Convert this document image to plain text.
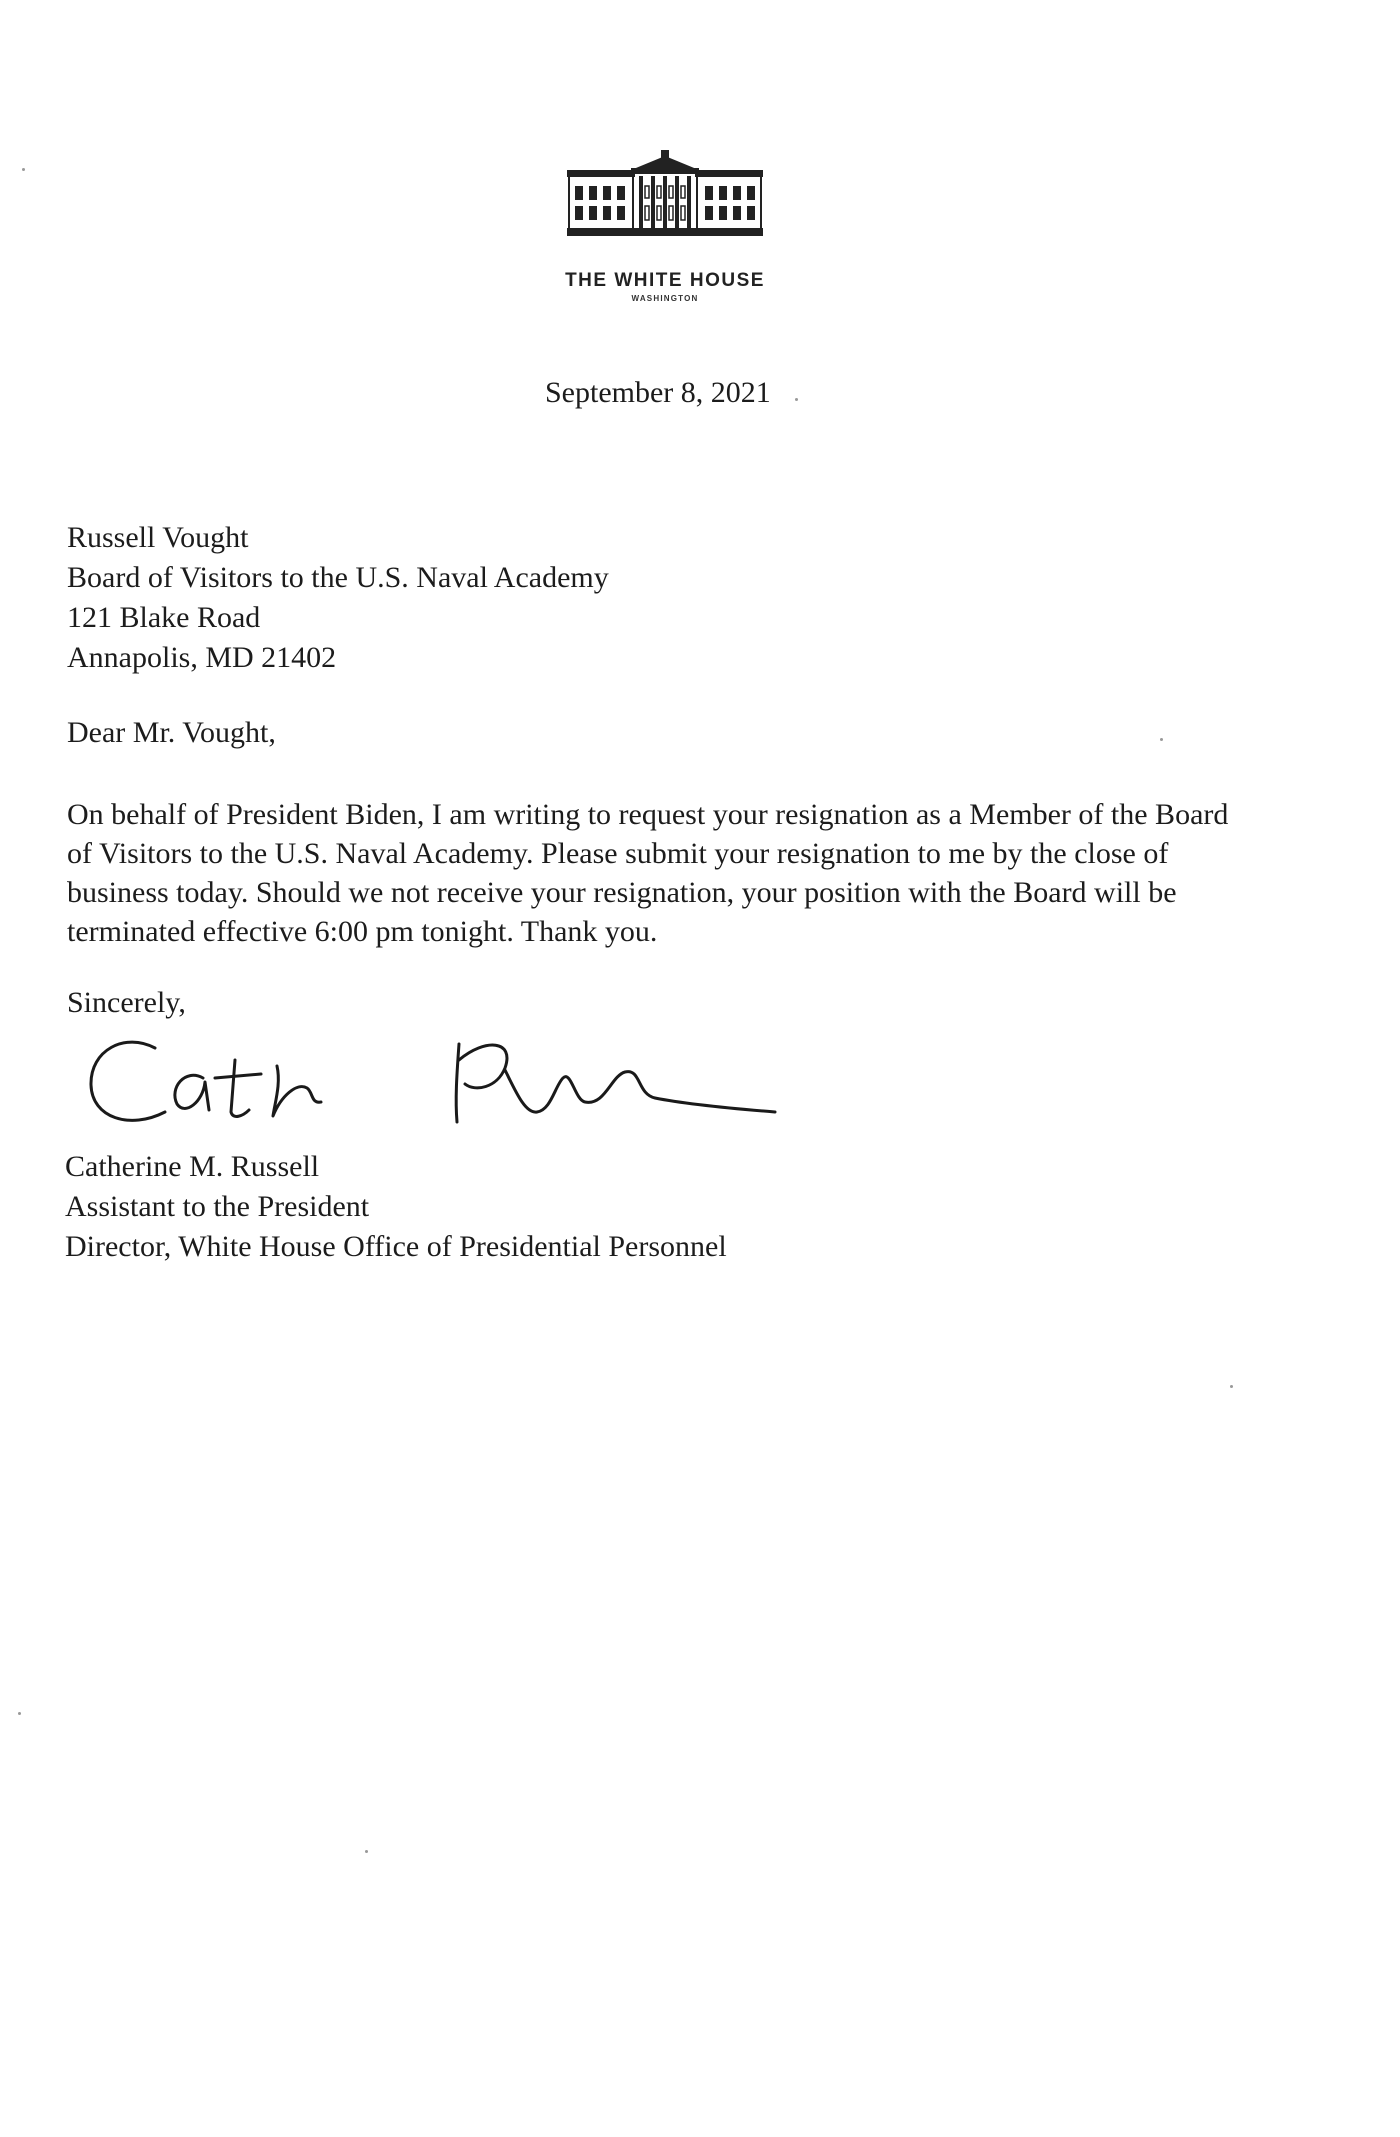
THE WHITE HOUSE
WASHINGTON
September 8, 2021
Russell Vought
Board of Visitors to the U.S. Naval Academy
121 Blake Road
Annapolis, MD 21402
Dear Mr. Vought,
On behalf of President Biden, I am writing to request your resignation as a Member of the Board
of Visitors to the U.S. Naval Academy. Please submit your resignation to me by the close of
business today. Should we not receive your resignation, your position with the Board will be
terminated effective 6:00 pm tonight. Thank you.
Sincerely,
Catherine M. Russell
Assistant to the President
Director, White House Office of Presidential Personnel
